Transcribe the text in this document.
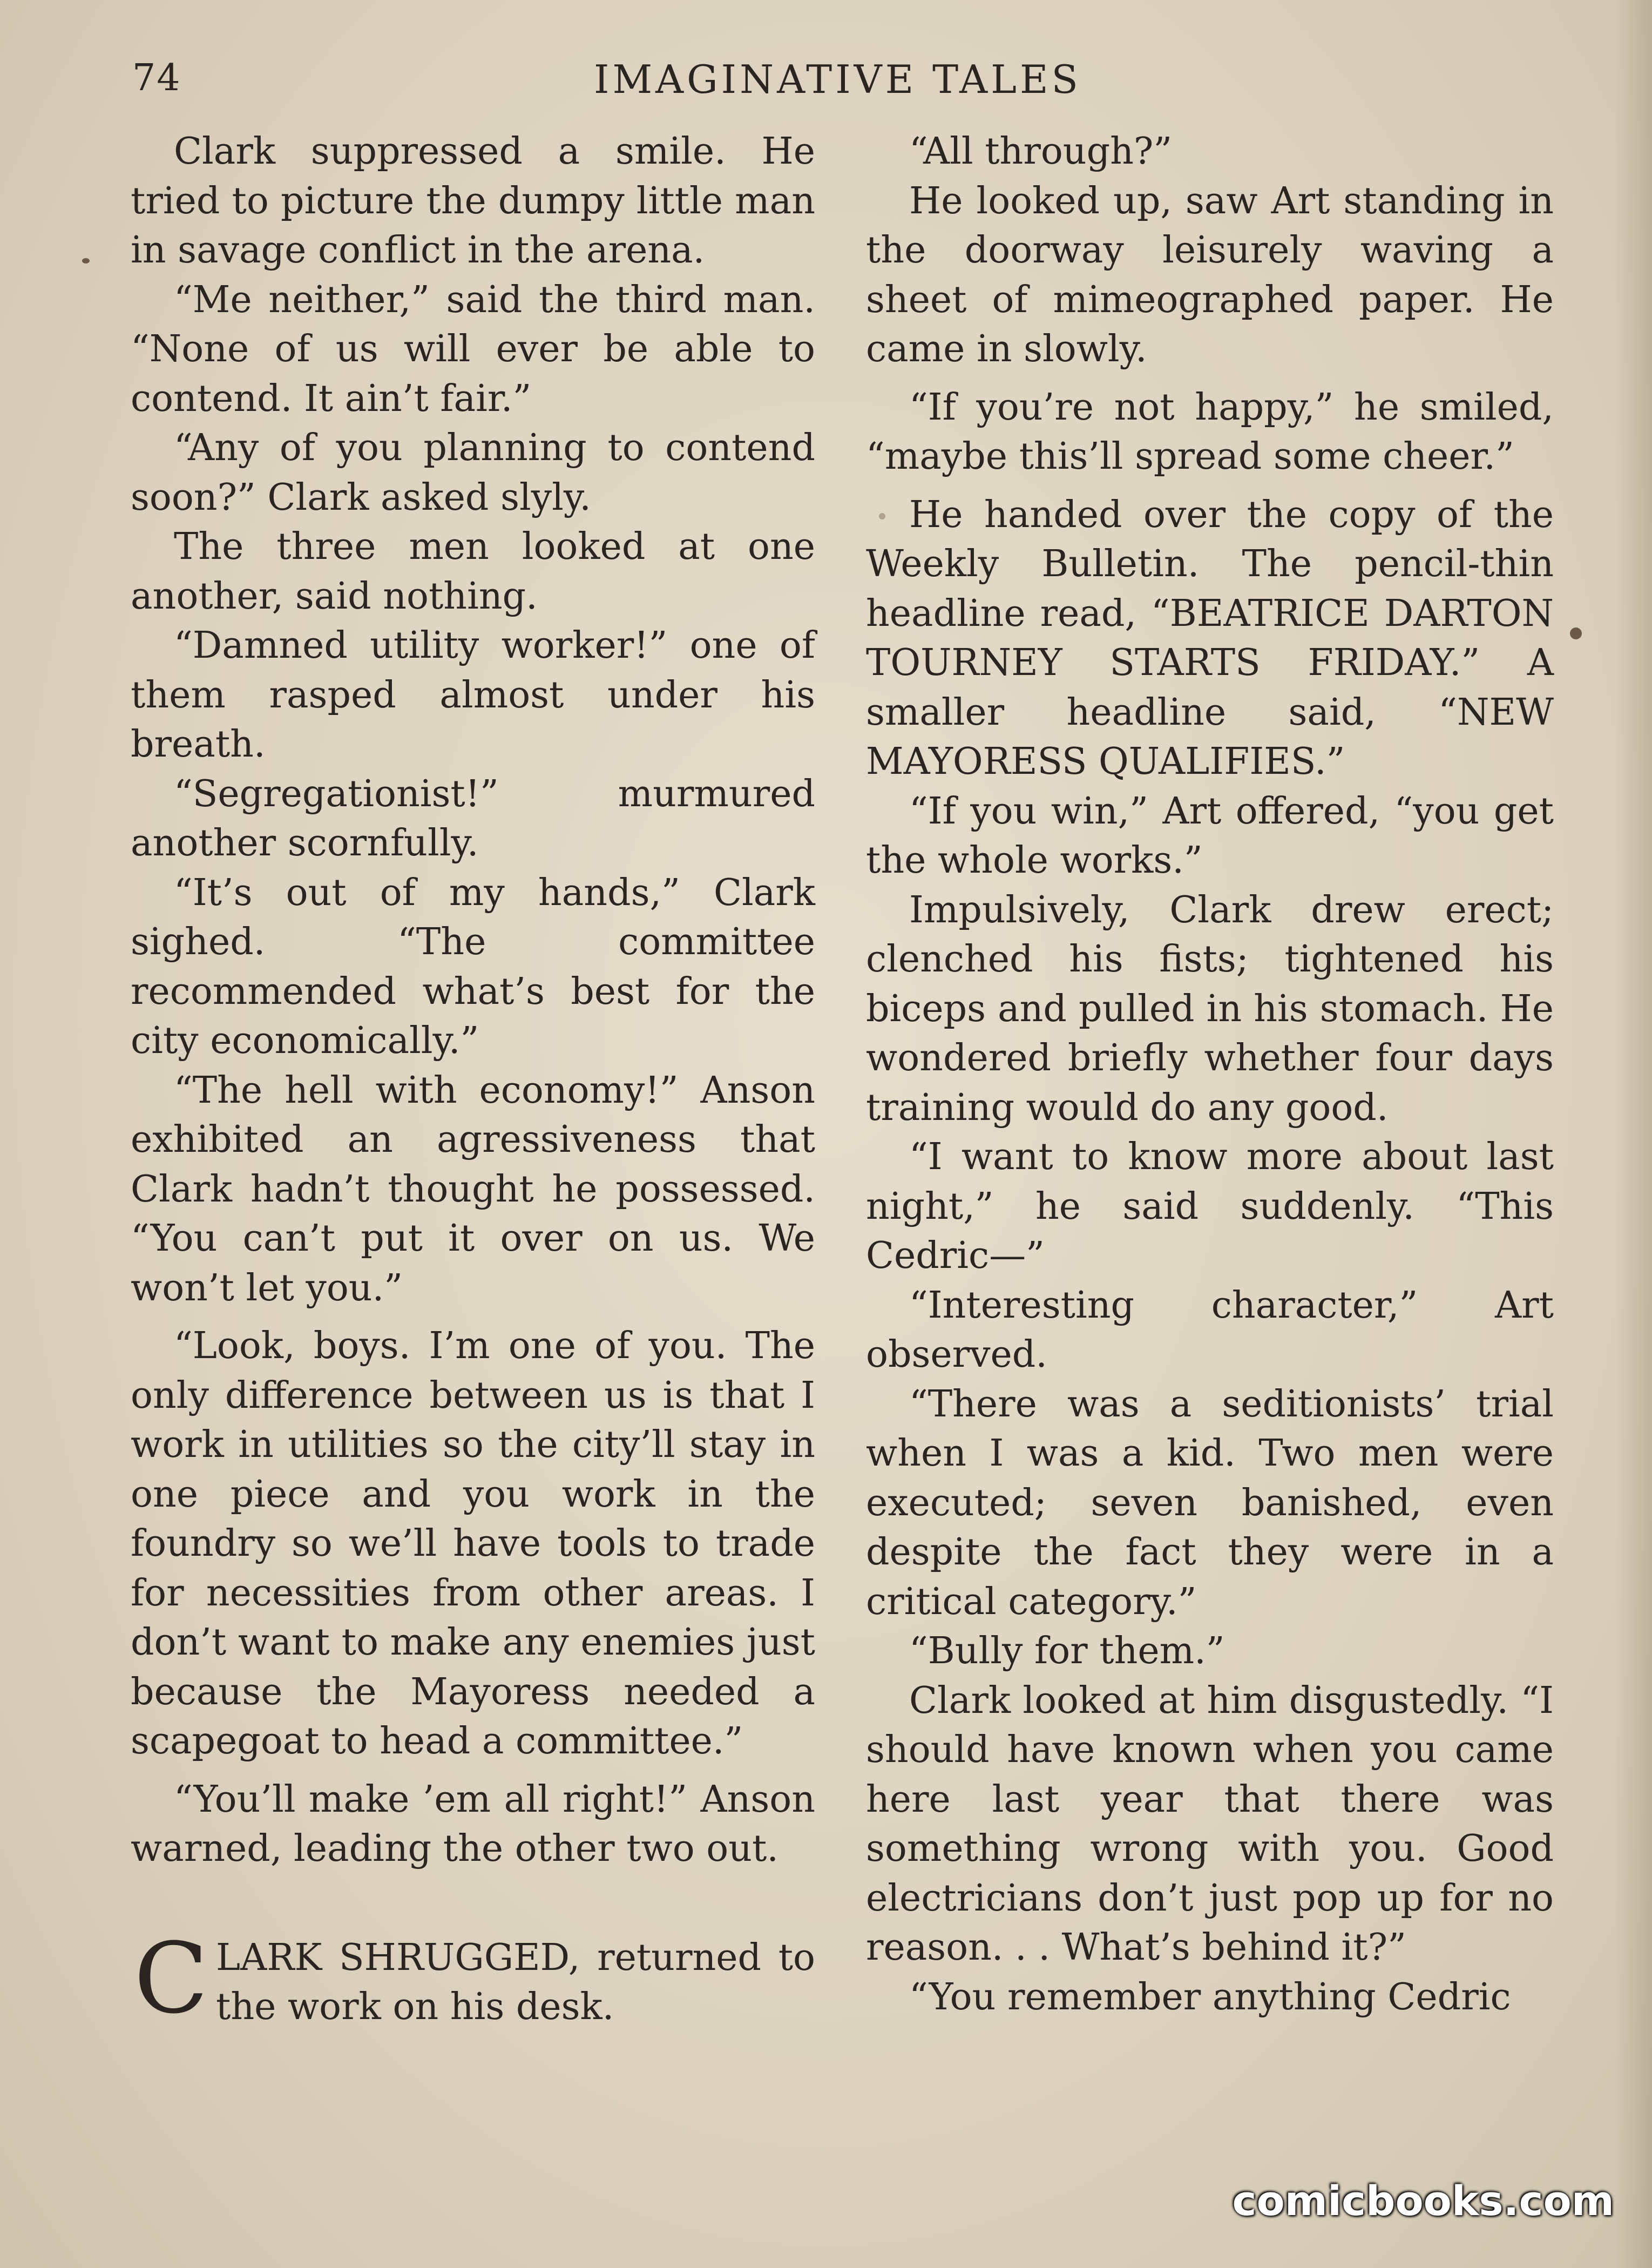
74	IMAGINATIVE TALES

Clark suppressed a smile. He tried to picture the dumpy little man in savage conflict in the arena.

“Me neither,” said the third man. “None of us will ever be able to contend. It ain’t fair.”

“Any of you planning to contend soon?” Clark asked slyly.

The three men looked at one another, said nothing.

“Damned utility worker!” one of them rasped almost under his breath.

“Segregationist!” murmured another scornfully.

“It’s out of my hands,” Clark sighed. “The committee recommended what’s best for the city economically.”

“The hell with economy!” Anson exhibited an agressiveness that Clark hadn’t thought he possessed. “You can’t put it over on us. We won’t let you.”

“Look, boys. I’m one of you. The only difference between us is that I work in utilities so the city’ll stay in one piece and you work in the foundry so we’ll have tools to trade for necessities from other areas. I don’t want to make any enemies just because the Mayoress needed a scapegoat to head a committee.”

“You’ll make ’em all right!” Anson warned, leading the other two out.

C LARK SHRUGGED, returned to the work on his desk.

“All through?”

He looked up, saw Art standing in the doorway leisurely waving a sheet of mimeographed paper. He came in slowly.

“If you’re not happy,” he smiled, “maybe this’ll spread some cheer.”

He handed over the copy of the Weekly Bulletin. The pencil-thin headline read, “BEATRICE DARTON TOURNEY STARTS FRIDAY.” A smaller headline said, “NEW MAYORESS QUALIFIES.”

“If you win,” Art offered, “you get the whole works.”

Impulsively, Clark drew erect; clenched his fists; tightened his biceps and pulled in his stomach. He wondered briefly whether four days training would do any good.

“I want to know more about last night,” he said suddenly. “This Cedric—”

“Interesting character,” Art observed.

“There was a seditionists’ trial when I was a kid. Two men were executed; seven banished, even despite the fact they were in a critical category.”

“Bully for them.”

Clark looked at him disgustedly. “I should have known when you came here last year that there was something wrong with you. Good electricians don’t just pop up for no reason. . . What’s behind it?”

“You remember anything Cedric

comicbooks.com
